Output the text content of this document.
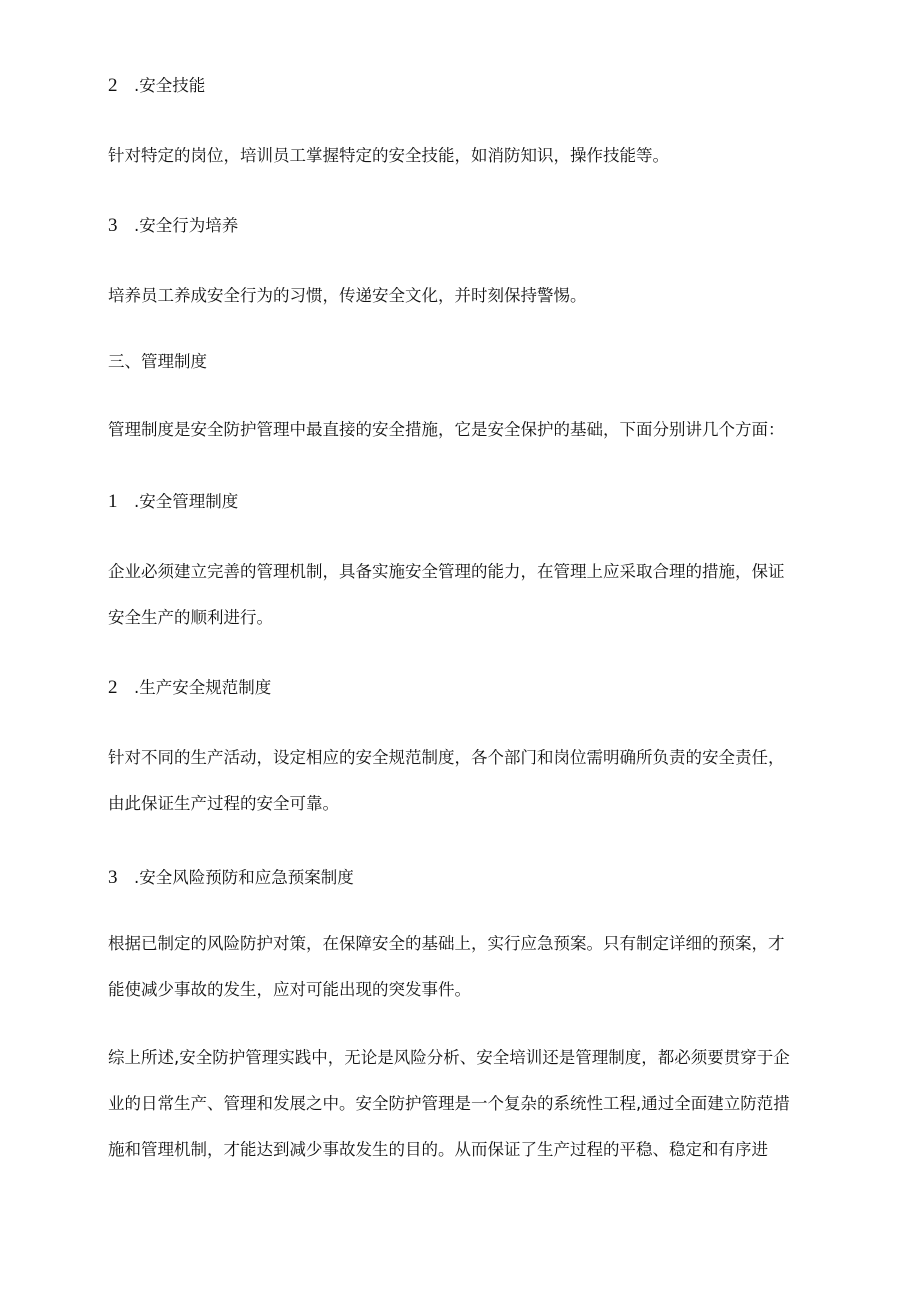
2 .安全技能
针对特定的岗位，培训员工掌握特定的安全技能，如消防知识，操作技能等。
3 .安全行为培养
培养员工养成安全行为的习惯，传递安全文化，并时刻保持警惕。
三、管理制度
管理制度是安全防护管理中最直接的安全措施，它是安全保护的基础，下面分别讲几个方面：
1 .安全管理制度
企业必须建立完善的管理机制，具备实施安全管理的能力，在管理上应采取合理的措施，保证
安全生产的顺利进行。
2 .生产安全规范制度
针对不同的生产活动，设定相应的安全规范制度，各个部门和岗位需明确所负责的安全责任，
由此保证生产过程的安全可靠。
3 .安全风险预防和应急预案制度
根据已制定的风险防护对策，在保障安全的基础上，实行应急预案。只有制定详细的预案，才
能使减少事故的发生，应对可能出现的突发事件。
综上所述,安全防护管理实践中，无论是风险分析、安全培训还是管理制度，都必须要贯穿于企
业的日常生产、管理和发展之中。安全防护管理是一个复杂的系统性工程,通过全面建立防范措
施和管理机制，才能达到减少事故发生的目的。从而保证了生产过程的平稳、稳定和有序进
